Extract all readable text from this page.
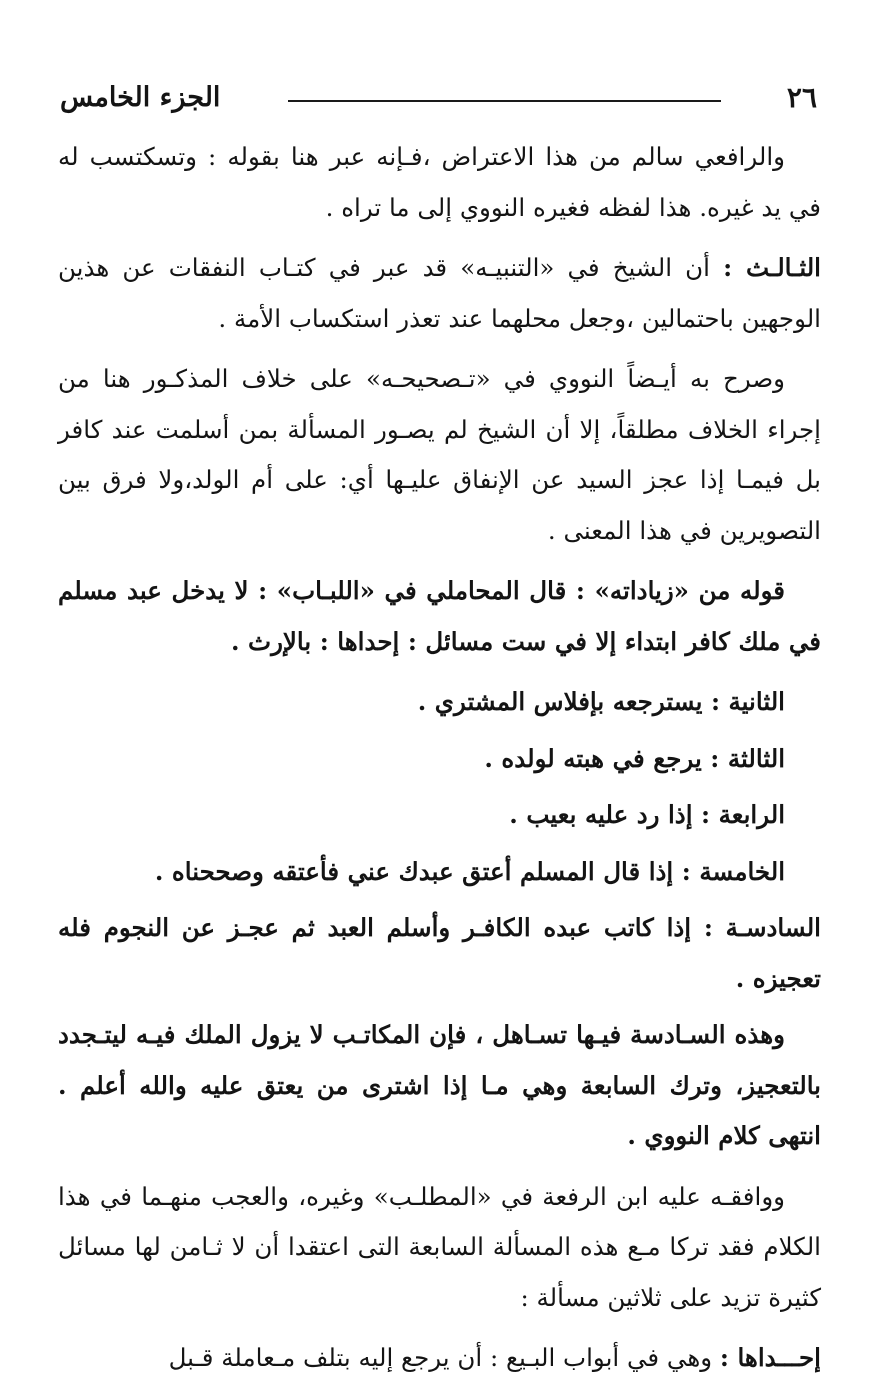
٢٦
الجزء الخامس

والرافعي سالم من هذا الاعتراض ،فـإنه عبر هنا بقوله : وتسكتسب له في يد غيره. هذا لفظه فغيره النووي إلى ما تراه .

الثـالـث : أن الشيخ في «التنبيـه» قد عبر في كتـاب النفقات عن هذين الوجهين باحتمالين ،وجعل محلهما عند تعذر استكساب الأمة .

وصرح به أيـضاً النووي في «تـصحيحـه» على خلاف المذكـور هنا من إجراء الخلاف مطلقاً، إلا أن الشيخ لم يصـور المسألة بمن أسلمت عند كافر بل فيمـا إذا عجز السيد عن الإنفاق عليـها أي: على أم الولد،ولا فرق بين التصويرين في هذا المعنى .

قوله من «زياداته» : قال المحاملي في «اللبـاب» : لا يدخل عبد مسلم في ملك كافر ابتداء إلا في ست مسائل : إحداها : بالإرث .

الثانية : يسترجعه بإفلاس المشتري .

الثالثة : يرجع في هبته لولده .

الرابعة : إذا رد عليه بعيب .

الخامسة : إذا قال المسلم أعتق عبدك عني فأعتقه وصححناه .

السادسـة : إذا كاتب عبده الكافـر وأسلم العبد ثم عجـز عن النجوم فله تعجيزه .

وهذه السـادسة فيـها تسـاهل ، فإن المكاتـب لا يزول الملك فيـه ليتـجدد بالتعجيز، وترك السابعة وهي مـا إذا اشترى من يعتق عليه والله أعلم . انتهى كلام النووي .

ووافقـه عليه ابن الرفعة في «المطلـب» وغيره، والعجب منهـما في هذا الكلام فقد تركا مـع هذه المسألة السابعة التى اعتقدا أن لا ثـامن لها مسائل كثيرة تزيد على ثلاثين مسألة :

إحـــداها : وهي في أبواب البـيع : أن يرجع إليه بتلف مـعاملة قـبل
